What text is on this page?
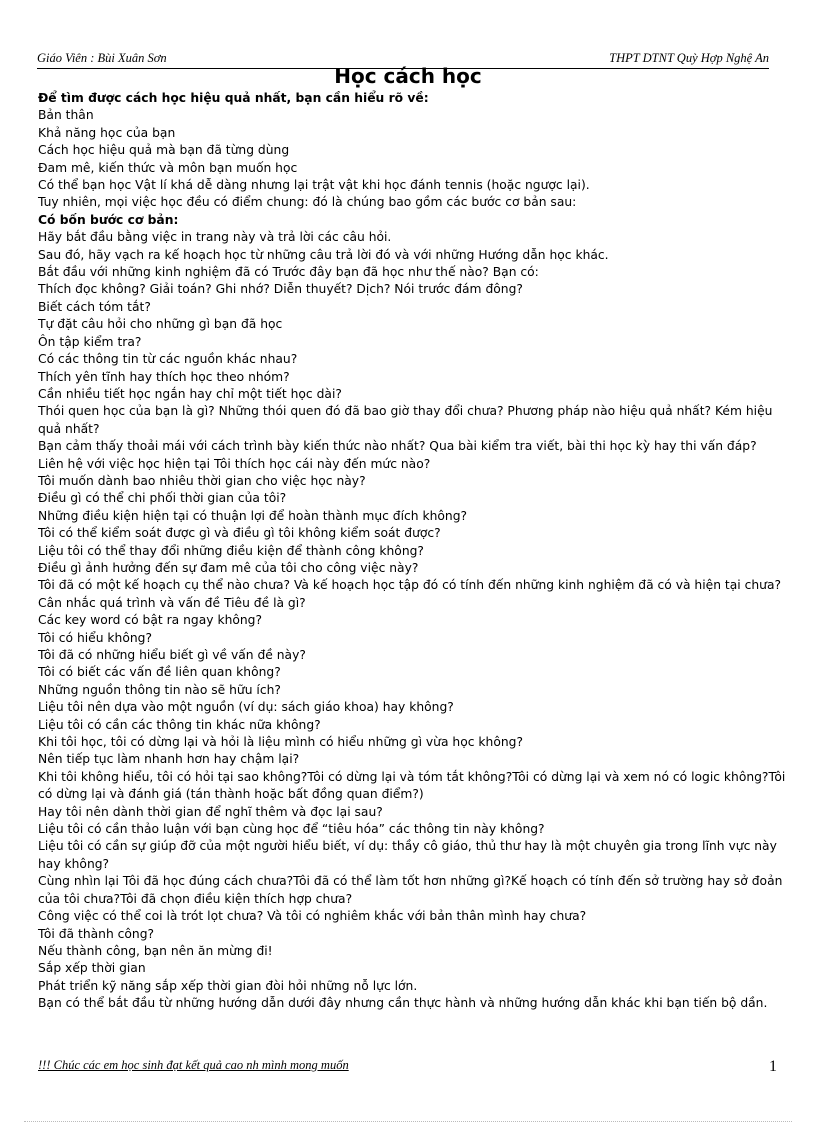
Giáo Viên : Bùi Xuân Sơn	THPT DTNT Quỳ Hợp Nghệ An
Học cách học

Để tìm được cách học hiệu quả nhất, bạn cần hiểu rõ về:

Bản thân

Khả năng học của bạn

Cách học hiệu quả mà bạn đã từng dùng

Đam mê, kiến thức và môn bạn muốn học

Có thể bạn học Vật lí khá dễ dàng nhưng lại trật vật khi học đánh tennis (hoặc ngược lại).

Tuy nhiên, mọi việc học đều có điểm chung: đó là chúng bao gồm các bước cơ bản sau:

Có bốn bước cơ bản:

Hãy bắt đầu bằng việc in trang này và trả lời các câu hỏi.

Sau đó, hãy vạch ra kế hoạch học từ những câu trả lời đó và với những Hướng dẫn học khác.

Bắt đầu với những kinh nghiệm đã có Trước đây bạn đã học như thế nào? Bạn có:

Thích đọc không? Giải toán? Ghi nhớ? Diễn thuyết? Dịch? Nói trước đám đông?

Biết cách tóm tắt?

Tự đặt câu hỏi cho những gì bạn đã học

Ôn tập kiểm tra?

Có các thông tin từ các nguồn khác nhau?

Thích yên tĩnh hay thích học theo nhóm?

Cần nhiều tiết học ngắn hay chỉ một tiết học dài?

Thói quen học của bạn là gì? Những thói quen đó đã bao giờ thay đổi chưa? Phương pháp nào hiệu quả nhất? Kém hiệu quả nhất?

Bạn cảm thấy thoải mái với cách trình bày kiến thức nào nhất? Qua bài kiểm tra viết, bài thi học kỳ hay thi vấn đáp?

Liên hệ với việc học hiện tại Tôi thích học cái này đến mức nào?

Tôi muốn dành bao nhiêu thời gian cho việc học này?

Điều gì có thể chi phối thời gian của tôi?

Những điều kiện hiện tại có thuận lợi để hoàn thành mục đích không?

Tôi có thể kiểm soát được gì và điều gì tôi không kiểm soát được?

Liệu tôi có thể thay đổi những điều kiện để thành công không?

Điều gì ảnh hưởng đến sự đam mê của tôi cho công việc này?

Tôi đã có một kế hoạch cụ thể nào chưa? Và kế hoạch học tập đó có tính đến những kinh nghiệm đã có và hiện tại chưa?

Cân nhắc quá trình và vấn đề Tiêu đề là gì?

Các key word có bật ra ngay không?

Tôi có hiểu không?

Tôi đã có những hiểu biết gì về vấn đề này?

Tôi có biết các vấn đề liên quan không?

Những nguồn thông tin nào sẽ hữu ích?

Liệu tôi nên dựa vào một nguồn (ví dụ: sách giáo khoa) hay không?

Liệu tôi có cần các thông tin khác nữa không?

Khi tôi học, tôi có dừng lại và hỏi là liệu mình có hiểu những gì vừa học không?

Nên tiếp tục làm nhanh hơn hay chậm lại?

Khi tôi không hiểu, tôi có hỏi tại sao không?Tôi có dừng lại và tóm tắt không?Tôi có dừng lại và xem nó có logic không?Tôi có dừng lại và đánh giá (tán thành hoặc bất đồng quan điểm?)

Hay tôi nên dành thời gian để nghĩ thêm và đọc lại sau?

Liệu tôi có cần thảo luận với bạn cùng học để “tiêu hóa” các thông tin này không?

Liệu tôi có cần sự giúp đỡ của một người hiểu biết, ví dụ: thầy cô giáo, thủ thư hay là một chuyên gia trong lĩnh vực này hay không?

Cùng nhìn lại Tôi đã học đúng cách chưa?Tôi đã có thể làm tốt hơn những gì?Kế hoạch có tính đến sở trường hay sở đoản của tôi chưa?Tôi đã chọn điều kiện thích hợp chưa?

Công việc có thể coi là trót lọt chưa? Và tôi có nghiêm khắc với bản thân mình hay chưa?

Tôi đã thành công?

Nếu thành công, bạn nên ăn mừng đi!

Sắp xếp thời gian

Phát triển kỹ năng sắp xếp thời gian đòi hỏi những nỗ lực lớn.

Bạn có thể bắt đầu từ những hướng dẫn dưới đây nhưng cần thực hành và những hướng dẫn khác khi bạn tiến bộ dần.

!!! Chúc các em học sinh đạt kết quả cao nh mình mong muốn	1
